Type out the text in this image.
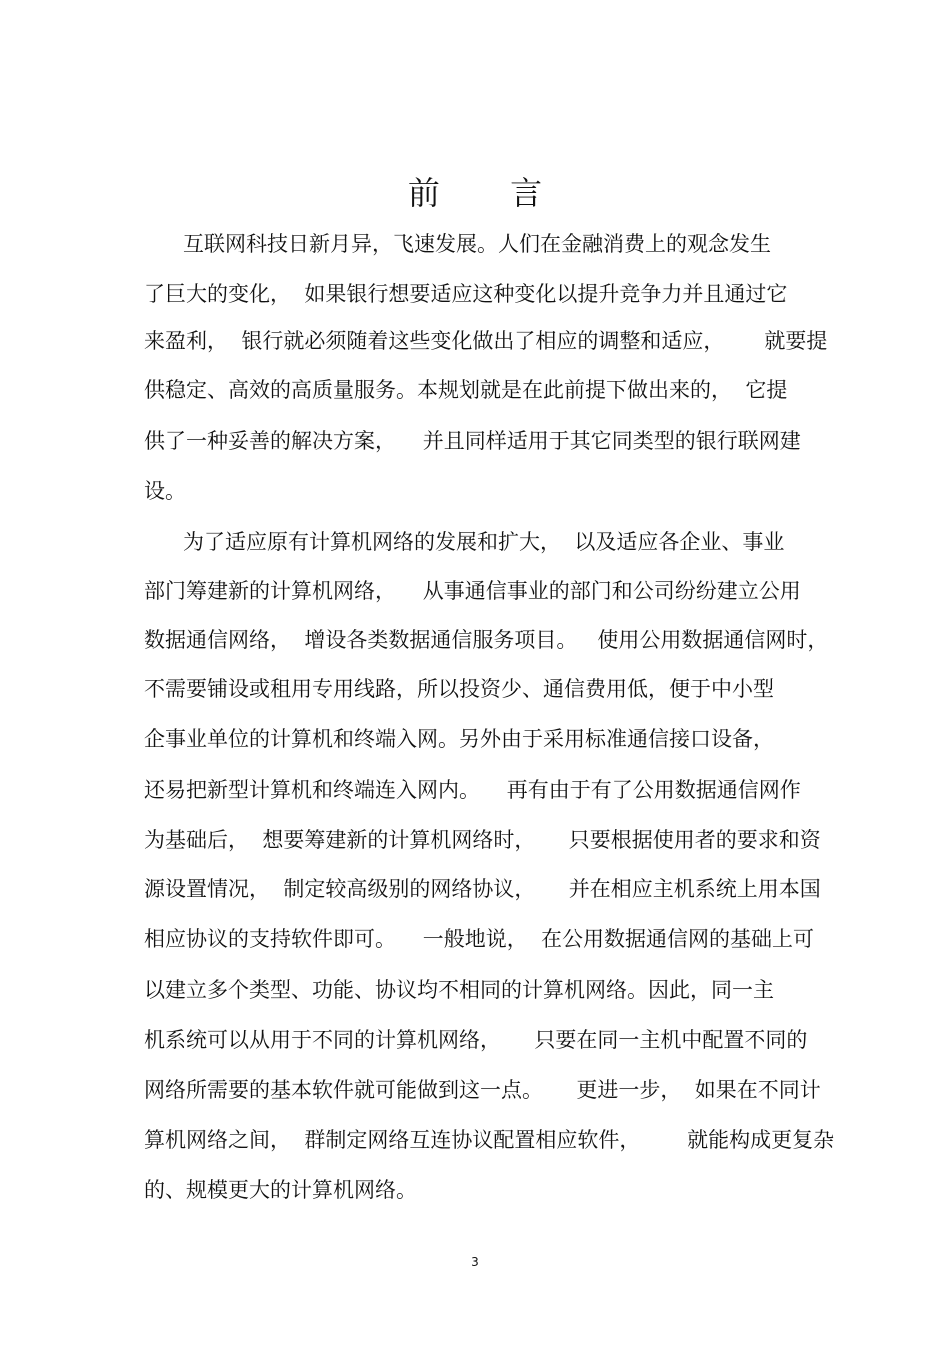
前 言

互联网科技日新月异，飞速发展。人们在金融消费上的观念发生

了巨大的变化，  如果银行想要适应这种变化以提升竞争力并且通过它

来盈利，  银行就必须随着这些变化做出了相应的调整和适应，      就要提

供稳定、高效的高质量服务。本规划就是在此前提下做出来的，  它提

供了一种妥善的解决方案，    并且同样适用于其它同类型的银行联网建

设。

为了适应原有计算机网络的发展和扩大，  以及适应各企业、事业

部门筹建新的计算机网络，    从事通信事业的部门和公司纷纷建立公用

数据通信网络，  增设各类数据通信服务项目。   使用公用数据通信网时，

不需要铺设或租用专用线路，所以投资少、通信费用低，便于中小型

企事业单位的计算机和终端入网。另外由于采用标准通信接口设备，

还易把新型计算机和终端连入网内。    再有由于有了公用数据通信网作

为基础后，  想要筹建新的计算机网络时，     只要根据使用者的要求和资

源设置情况，  制定较高级别的网络协议，     并在相应主机系统上用本国

相应协议的支持软件即可。    一般地说，  在公用数据通信网的基础上可

以建立多个类型、功能、协议均不相同的计算机网络。因此，同一主

机系统可以从用于不同的计算机网络，     只要在同一主机中配置不同的

网络所需要的基本软件就可能做到这一点。     更进一步，  如果在不同计

算机网络之间，  群制定网络互连协议配置相应软件，       就能构成更复杂

的、规模更大的计算机网络。

3
